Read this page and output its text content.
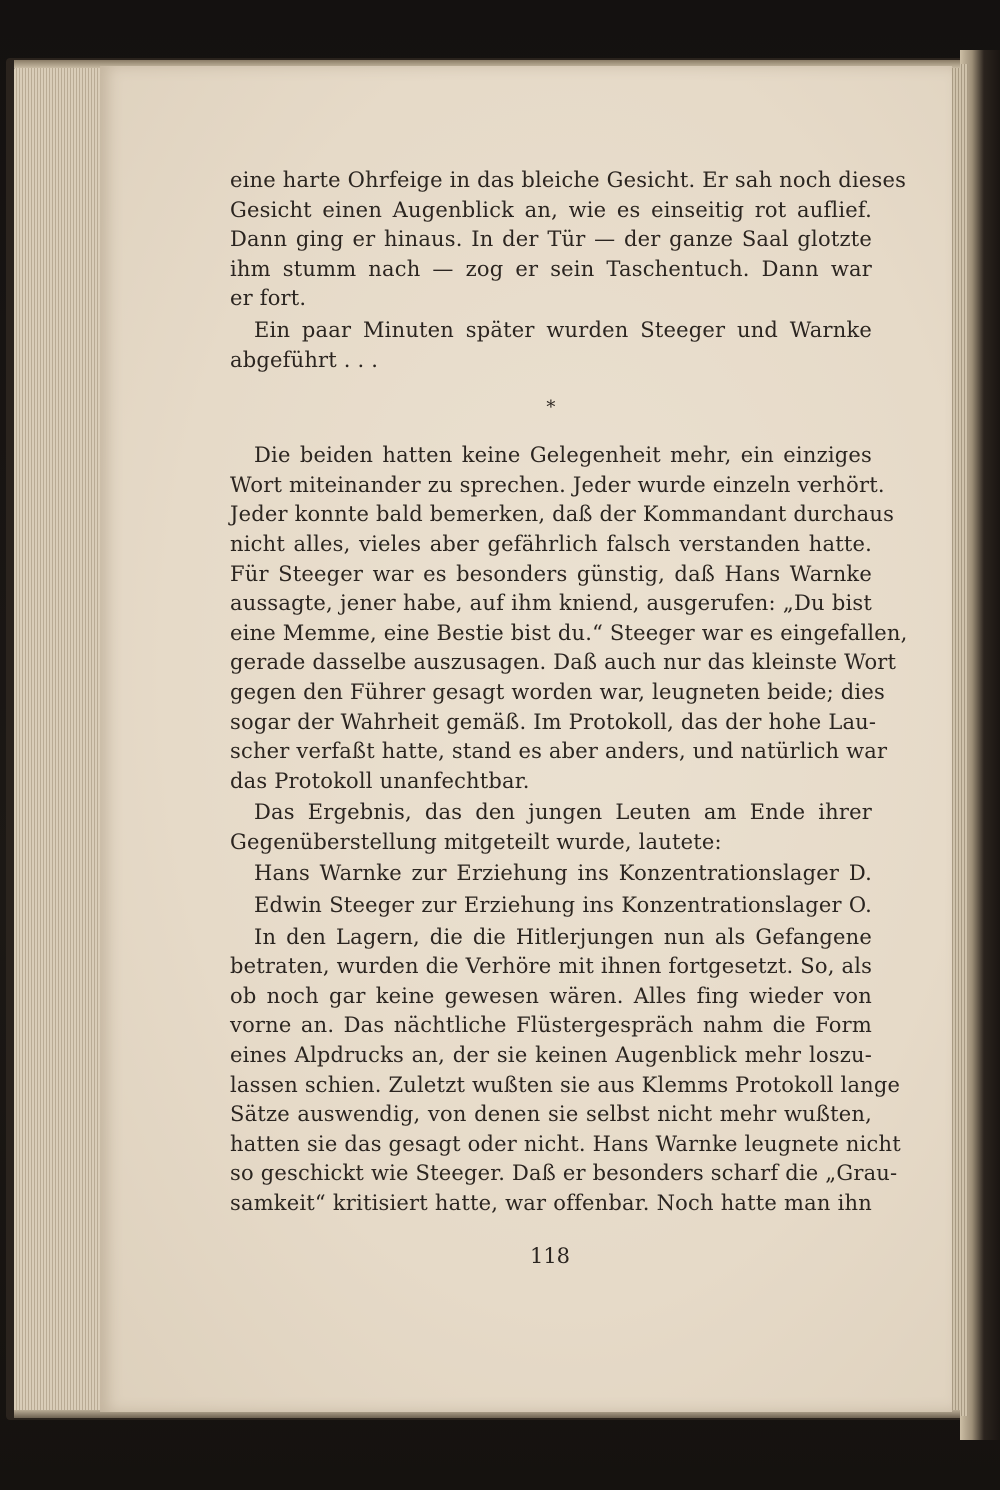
eine harte Ohrfeige in das bleiche Gesicht. Er sah noch dieses
Gesicht einen Augenblick an, wie es einseitig rot auflief.
Dann ging er hinaus. In der Tür — der ganze Saal glotzte
ihm stumm nach — zog er sein Taschentuch. Dann war
er fort.
Ein paar Minuten später wurden Steeger und Warnke
abgeführt . . .
*
Die beiden hatten keine Gelegenheit mehr, ein einziges
Wort miteinander zu sprechen. Jeder wurde einzeln verhört.
Jeder konnte bald bemerken, daß der Kommandant durchaus
nicht alles, vieles aber gefährlich falsch verstanden hatte.
Für Steeger war es besonders günstig, daß Hans Warnke
aussagte, jener habe, auf ihm kniend, ausgerufen: „Du bist
eine Memme, eine Bestie bist du.“ Steeger war es eingefallen,
gerade dasselbe auszusagen. Daß auch nur das kleinste Wort
gegen den Führer gesagt worden war, leugneten beide; dies
sogar der Wahrheit gemäß. Im Protokoll, das der hohe Lau-
scher verfaßt hatte, stand es aber anders, und natürlich war
das Protokoll unanfechtbar.
Das Ergebnis, das den jungen Leuten am Ende ihrer
Gegenüberstellung mitgeteilt wurde, lautete:
Hans Warnke zur Erziehung ins Konzentrationslager D.
Edwin Steeger zur Erziehung ins Konzentrationslager O.
In den Lagern, die die Hitlerjungen nun als Gefangene
betraten, wurden die Verhöre mit ihnen fortgesetzt. So, als
ob noch gar keine gewesen wären. Alles fing wieder von
vorne an. Das nächtliche Flüstergespräch nahm die Form
eines Alpdrucks an, der sie keinen Augenblick mehr loszu-
lassen schien. Zuletzt wußten sie aus Klemms Protokoll lange
Sätze auswendig, von denen sie selbst nicht mehr wußten,
hatten sie das gesagt oder nicht. Hans Warnke leugnete nicht
so geschickt wie Steeger. Daß er besonders scharf die „Grau-
samkeit“ kritisiert hatte, war offenbar. Noch hatte man ihn
118
